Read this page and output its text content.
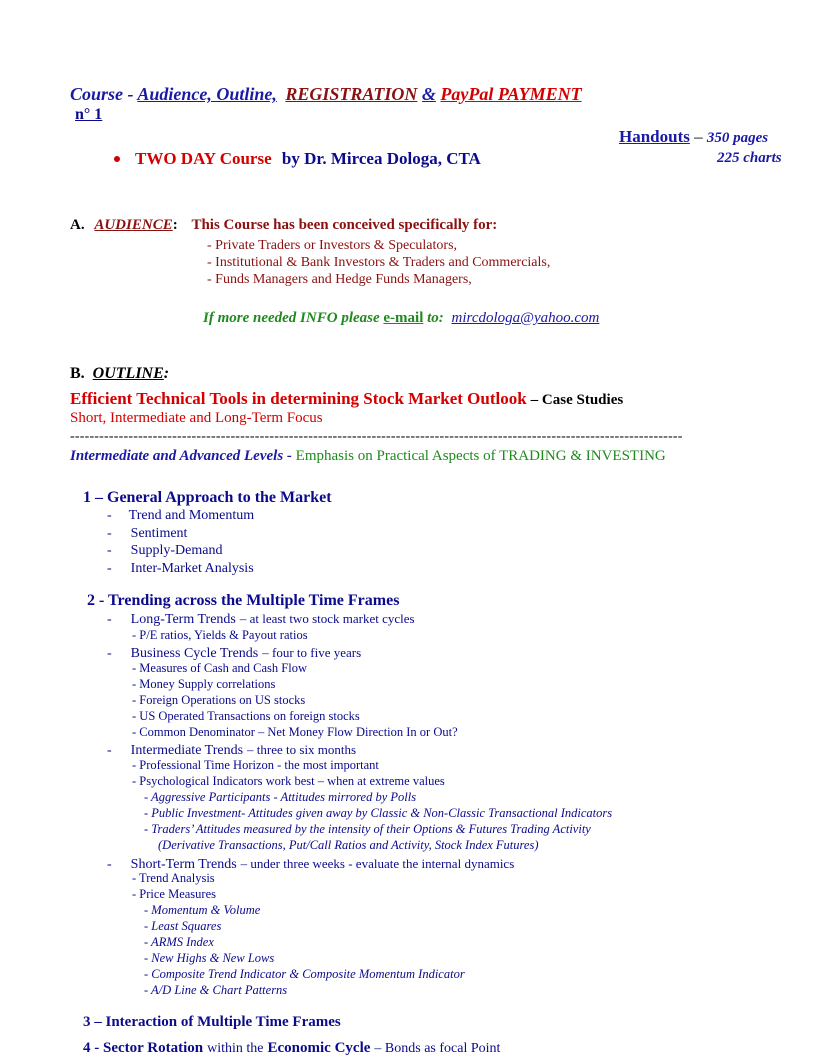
Course - Audience, Outline, REGISTRATION & PayPal PAYMENT
n° 1
Handouts – 350 pages
225 charts
TWO DAY Course by Dr. Mircea Dologa, CTA
A. AUDIENCE: This Course has been conceived specifically for:
- Private Traders or Investors & Speculators,
- Institutional & Bank Investors & Traders and Commercials,
- Funds Managers and Hedge Funds Managers,
If more needed INFO please e-mail to: mircdologa@yahoo.com
B. OUTLINE:
Efficient Technical Tools in determining Stock Market Outlook – Case Studies
Short, Intermediate and Long-Term Focus
------------------------------------------------------------------------------------------------------------------------------
Intermediate and Advanced Levels - Emphasis on Practical Aspects of TRADING & INVESTING
1 – General Approach to the Market
- Trend and Momentum
- Sentiment
- Supply-Demand
- Inter-Market Analysis
2 - Trending across the Multiple Time Frames
- Long-Term Trends – at least two stock market cycles
- P/E ratios, Yields & Payout ratios
- Business Cycle Trends – four to five years
- Measures of Cash and Cash Flow
- Money Supply correlations
- Foreign Operations on US stocks
- US Operated Transactions on foreign stocks
- Common Denominator – Net Money Flow Direction In or Out?
- Intermediate Trends – three to six months
- Professional Time Horizon - the most important
- Psychological Indicators work best – when at extreme values
- Aggressive Participants - Attitudes mirrored by Polls
- Public Investment- Attitudes given away by Classic & Non-Classic Transactional Indicators
- Traders’ Attitudes measured by the intensity of their Options & Futures Trading Activity
(Derivative Transactions, Put/Call Ratios and Activity, Stock Index Futures)
- Short-Term Trends – under three weeks - evaluate the internal dynamics
- Trend Analysis
- Price Measures
- Momentum & Volume
- Least Squares
- ARMS Index
- New Highs & New Lows
- Composite Trend Indicator & Composite Momentum Indicator
- A/D Line & Chart Patterns
3 – Interaction of Multiple Time Frames
4 - Sector Rotation within the Economic Cycle – Bonds as focal Point
